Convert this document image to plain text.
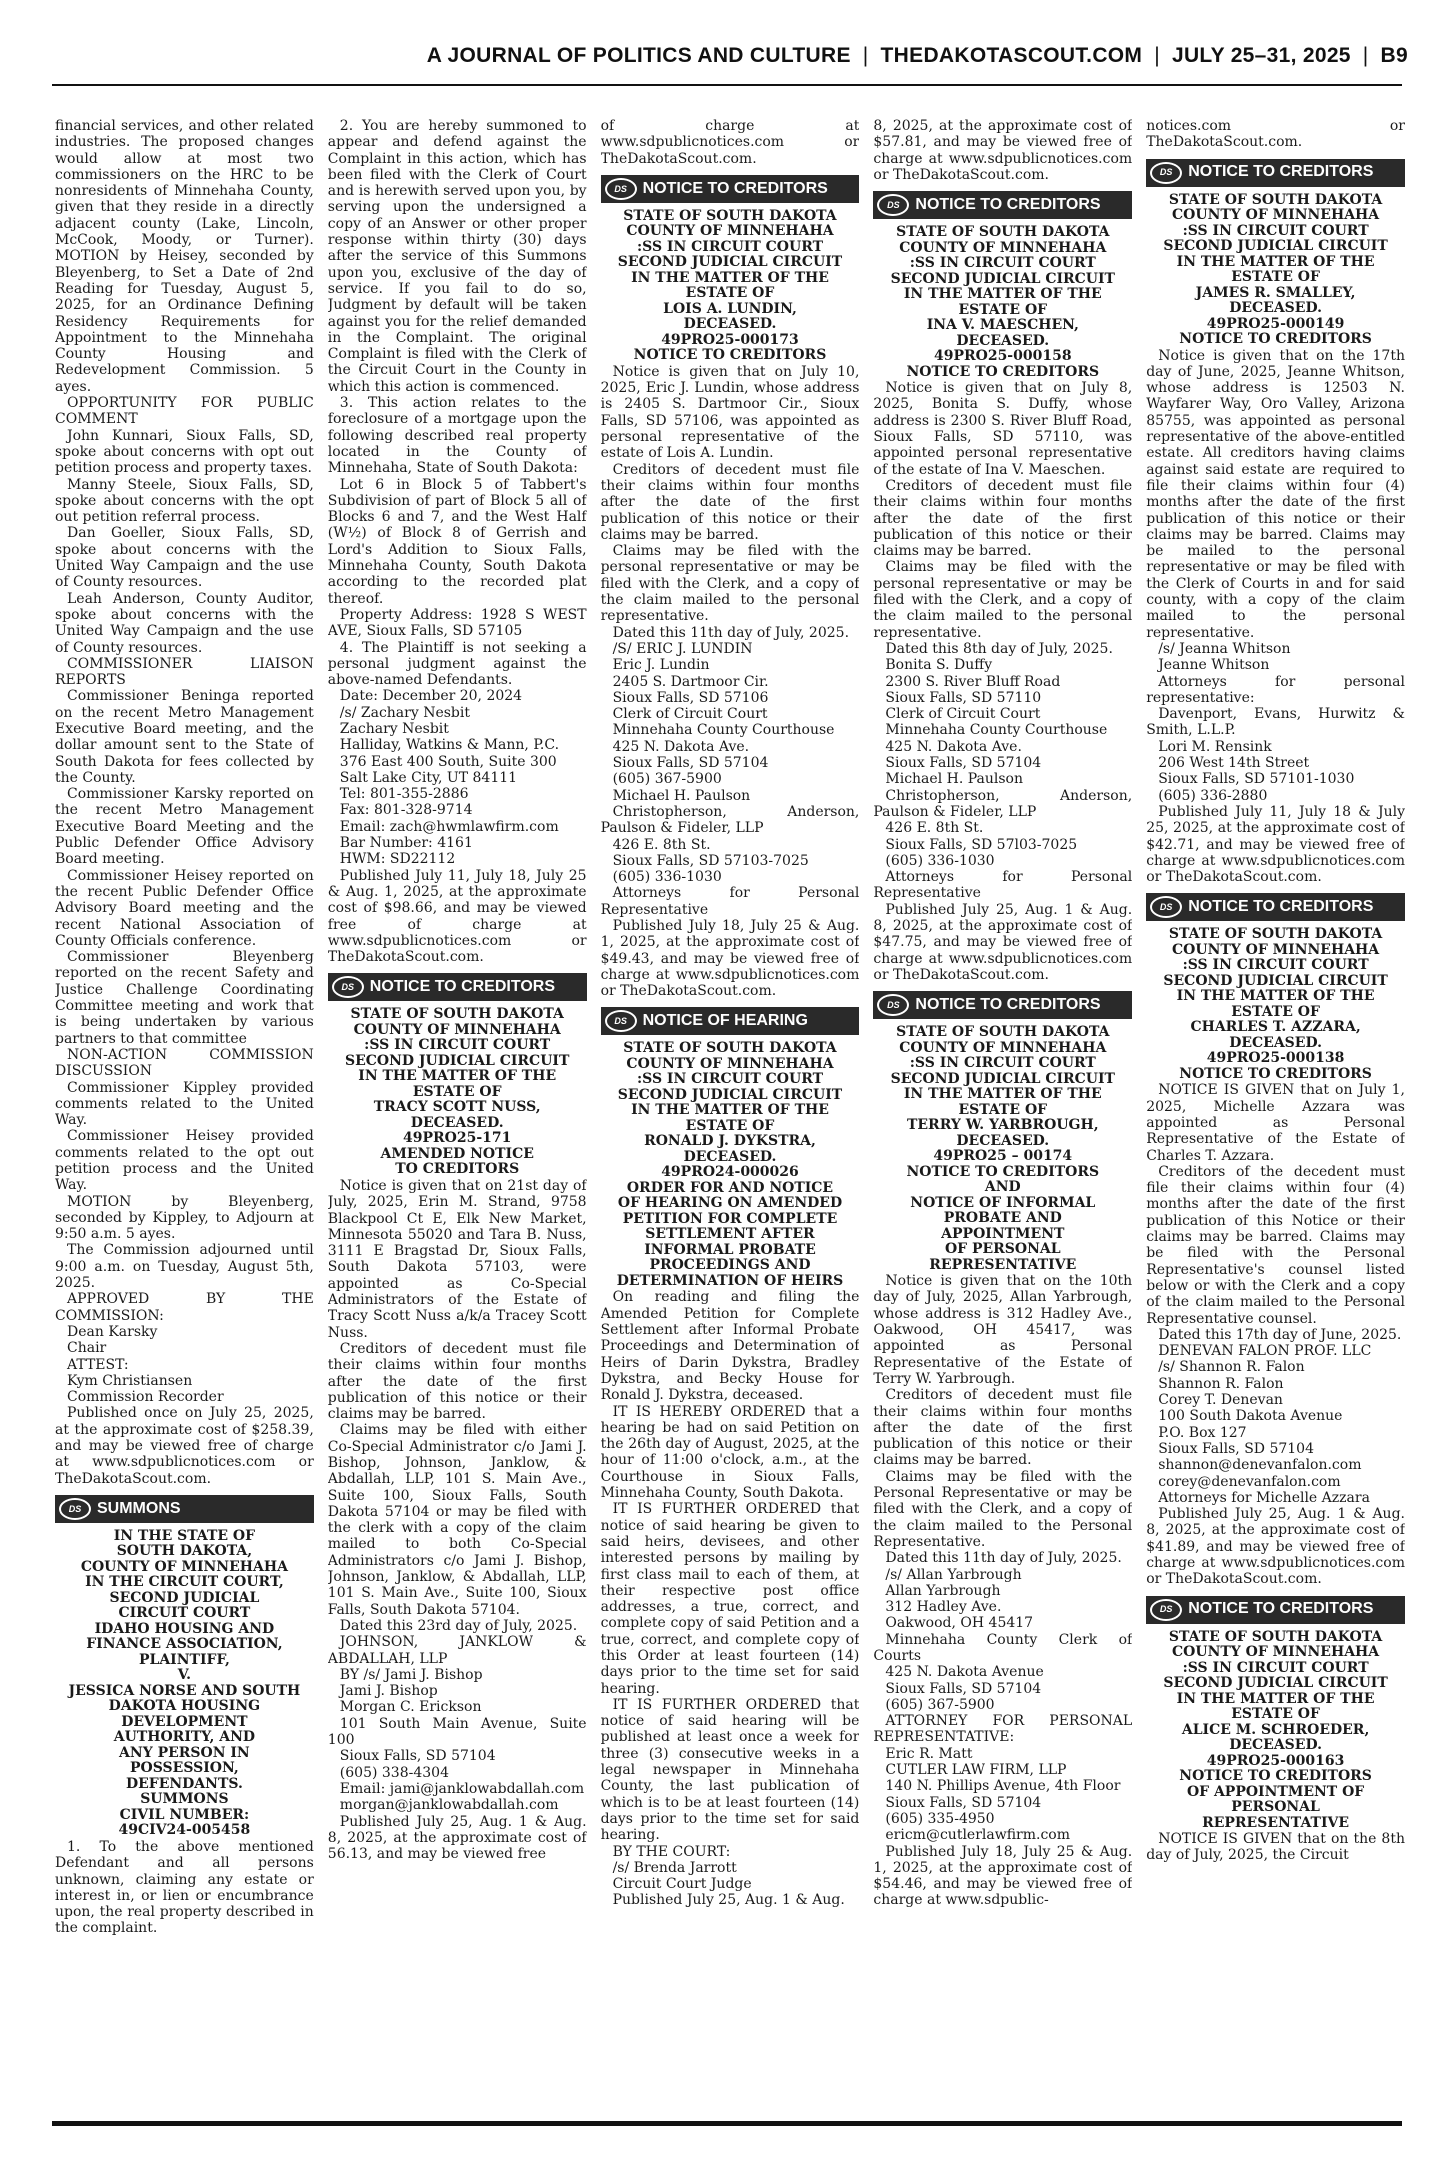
A JOURNAL OF POLITICS AND CULTURE | THEDAKOTASCOUT.COM | JULY 25–31, 2025 | B9

financial services, and other related industries. The proposed changes would allow at most two commissioners on the HRC to be nonresidents of Minnehaha County, given that they reside in a directly adjacent county (Lake, Lincoln, McCook, Moody, or Turner). MOTION by Heisey, seconded by Bleyenberg, to Set a Date of 2nd Reading for Tuesday, August 5, 2025, for an Ordinance Defining Residency Requirements for Appointment to the Minnehaha County Housing and Redevelopment Commission. 5 ayes.

OPPORTUNITY FOR PUBLIC COMMENT

John Kunnari, Sioux Falls, SD, spoke about concerns with opt out petition process and property taxes.

Manny Steele, Sioux Falls, SD, spoke about concerns with the opt out petition referral process.

Dan Goeller, Sioux Falls, SD, spoke about concerns with the United Way Campaign and the use of County resources.

Leah Anderson, County Auditor, spoke about concerns with the United Way Campaign and the use of County resources.

COMMISSIONER LIAISON REPORTS

Commissioner Beninga reported on the recent Metro Management Executive Board meeting, and the dollar amount sent to the State of South Dakota for fees collected by the County.

Commissioner Karsky reported on the recent Metro Management Executive Board Meeting and the Public Defender Office Advisory Board meeting.

Commissioner Heisey reported on the recent Public Defender Office Advisory Board meeting and the recent National Association of County Officials conference.

Commissioner Bleyenberg reported on the recent Safety and Justice Challenge Coordinating Committee meeting and work that is being undertaken by various partners to that committee

NON-ACTION COMMISSION DISCUSSION

Commissioner Kippley provided comments related to the United Way.

Commissioner Heisey provided comments related to the opt out petition process and the United Way.

MOTION by Bleyenberg, seconded by Kippley, to Adjourn at 9:50 a.m. 5 ayes.

The Commission adjourned until 9:00 a.m. on Tuesday, August 5th, 2025.

APPROVED BY THE COMMISSION:

Dean Karsky

Chair

ATTEST:

Kym Christiansen

Commission Recorder

Published once on July 25, 2025, at the approximate cost of $258.39, and may be viewed free of charge at www.sdpublicnotices.com or TheDakotaScout.com.

DS SUMMONS
IN THE STATE OF
SOUTH DAKOTA,
COUNTY OF MINNEHAHA
IN THE CIRCUIT COURT,
SECOND JUDICIAL
CIRCUIT COURT
IDAHO HOUSING AND
FINANCE ASSOCIATION,
PLAINTIFF,
V.
JESSICA NORSE AND SOUTH
DAKOTA HOUSING
DEVELOPMENT
AUTHORITY, AND
ANY PERSON IN
POSSESSION,
DEFENDANTS.
SUMMONS
CIVIL NUMBER:
49CIV24-005458

1. To the above mentioned Defendant and all persons unknown, claiming any estate or interest in, or lien or encumbrance upon, the real property described in the complaint.

2. You are hereby summoned to appear and defend against the Complaint in this action, which has been filed with the Clerk of Court and is herewith served upon you, by serving upon the undersigned a copy of an Answer or other proper response within thirty (30) days after the service of this Summons upon you, exclusive of the day of service. If you fail to do so, Judgment by default will be taken against you for the relief demanded in the Complaint. The original Complaint is filed with the Clerk of the Circuit Court in the County in which this action is commenced.

3. This action relates to the foreclosure of a mortgage upon the following described real property located in the County of Minnehaha, State of South Dakota:

Lot 6 in Block 5 of Tabbert's Subdivision of part of Block 5 all of Blocks 6 and 7, and the West Half (W½) of Block 8 of Gerrish and Lord's Addition to Sioux Falls, Minnehaha County, South Dakota according to the recorded plat thereof.

Property Address: 1928 S WEST AVE, Sioux Falls, SD 57105

4. The Plaintiff is not seeking a personal judgment against the above-named Defendants.

Date: December 20, 2024

/s/ Zachary Nesbit

Zachary Nesbit

Halliday, Watkins & Mann, P.C.

376 East 400 South, Suite 300

Salt Lake City, UT 84111

Tel: 801-355-2886

Fax: 801-328-9714

Email: zach@hwmlawfirm.com

Bar Number: 4161

HWM: SD22112

Published July 11, July 18, July 25 & Aug. 1, 2025, at the approximate cost of $98.66, and may be viewed free of charge at www.sdpublicnotices.com or TheDakotaScout.com.

DS NOTICE TO CREDITORS
STATE OF SOUTH DAKOTA
COUNTY OF MINNEHAHA
:SS IN CIRCUIT COURT
SECOND JUDICIAL CIRCUIT
IN THE MATTER OF THE
ESTATE OF
TRACY SCOTT NUSS,
DECEASED.
49PRO25-171
AMENDED NOTICE
TO CREDITORS

Notice is given that on 21st day of July, 2025, Erin M. Strand, 9758 Blackpool Ct E, Elk New Market, Minnesota 55020 and Tara B. Nuss, 3111 E Bragstad Dr, Sioux Falls, South Dakota 57103, were appointed as Co-Special Administrators of the Estate of Tracy Scott Nuss a/k/a Tracey Scott Nuss.

Creditors of decedent must file their claims within four months after the date of the first publication of this notice or their claims may be barred.

Claims may be filed with either Co-Special Administrator c/o Jami J. Bishop, Johnson, Janklow, & Abdallah, LLP, 101 S. Main Ave., Suite 100, Sioux Falls, South Dakota 57104 or may be filed with the clerk with a copy of the claim mailed to both Co-Special Administrators c/o Jami J. Bishop, Johnson, Janklow, & Abdallah, LLP, 101 S. Main Ave., Suite 100, Sioux Falls, South Dakota 57104.

Dated this 23rd day of July, 2025.

JOHNSON, JANKLOW & ABDALLAH, LLP

BY /s/ Jami J. Bishop

Jami J. Bishop

Morgan C. Erickson

101 South Main Avenue, Suite 100

Sioux Falls, SD 57104

(605) 338-4304

Email: jami@janklowabdallah.com

morgan@janklowabdallah.com

Published July 25, Aug. 1 & Aug. 8, 2025, at the approximate cost of 56.13, and may be viewed free

of charge at www.sdpublicnotices.com or TheDakotaScout.com.

DS NOTICE TO CREDITORS
STATE OF SOUTH DAKOTA
COUNTY OF MINNEHAHA
:SS IN CIRCUIT COURT
SECOND JUDICIAL CIRCUIT
IN THE MATTER OF THE
ESTATE OF
LOIS A. LUNDIN,
DECEASED.
49PRO25-000173
NOTICE TO CREDITORS

Notice is given that on July 10, 2025, Eric J. Lundin, whose address is 2405 S. Dartmoor Cir., Sioux Falls, SD 57106, was appointed as personal representative of the estate of Lois A. Lundin.

Creditors of decedent must file their claims within four months after the date of the first publication of this notice or their claims may be barred.

Claims may be filed with the personal representative or may be filed with the Clerk, and a copy of the claim mailed to the personal representative.

Dated this 11th day of July, 2025.

/S/ ERIC J. LUNDIN

Eric J. Lundin

2405 S. Dartmoor Cir.

Sioux Falls, SD 57106

Clerk of Circuit Court

Minnehaha County Courthouse

425 N. Dakota Ave.

Sioux Falls, SD 57104

(605) 367-5900

Michael H. Paulson

Christopherson, Anderson, Paulson & Fideler, LLP

426 E. 8th St.

Sioux Falls, SD 57103-7025

(605) 336-1030

Attorneys for Personal Representative

Published July 18, July 25 & Aug. 1, 2025, at the approximate cost of $49.43, and may be viewed free of charge at www.sdpublicnotices.com or TheDakotaScout.com.

DS NOTICE OF HEARING
STATE OF SOUTH DAKOTA
COUNTY OF MINNEHAHA
:SS IN CIRCUIT COURT
SECOND JUDICIAL CIRCUIT
IN THE MATTER OF THE
ESTATE OF
RONALD J. DYKSTRA,
DECEASED.
49PRO24-000026
ORDER FOR AND NOTICE
OF HEARING ON AMENDED
PETITION FOR COMPLETE
SETTLEMENT AFTER
INFORMAL PROBATE
PROCEEDINGS AND
DETERMINATION OF HEIRS

On reading and filing the Amended Petition for Complete Settlement after Informal Probate Proceedings and Determination of Heirs of Darin Dykstra, Bradley Dykstra, and Becky House for Ronald J. Dykstra, deceased.

IT IS HEREBY ORDERED that a hearing be had on said Petition on the 26th day of August, 2025, at the hour of 11:00 o'clock, a.m., at the Courthouse in Sioux Falls, Minnehaha County, South Dakota.

IT IS FURTHER ORDERED that notice of said hearing be given to said heirs, devisees, and other interested persons by mailing by first class mail to each of them, at their respective post office addresses, a true, correct, and complete copy of said Petition and a true, correct, and complete copy of this Order at least fourteen (14) days prior to the time set for said hearing.

IT IS FURTHER ORDERED that notice of said hearing will be published at least once a week for three (3) consecutive weeks in a legal newspaper in Minnehaha County, the last publication of which is to be at least fourteen (14) days prior to the time set for said hearing.

BY THE COURT:

/s/ Brenda Jarrott

Circuit Court Judge

Published July 25, Aug. 1 & Aug.

8, 2025, at the approximate cost of $57.81, and may be viewed free of charge at www.sdpublicnotices.com or TheDakotaScout.com.

DS NOTICE TO CREDITORS
STATE OF SOUTH DAKOTA
COUNTY OF MINNEHAHA
:SS IN CIRCUIT COURT
SECOND JUDICIAL CIRCUIT
IN THE MATTER OF THE
ESTATE OF
INA V. MAESCHEN,
DECEASED.
49PRO25-000158
NOTICE TO CREDITORS

Notice is given that on July 8, 2025, Bonita S. Duffy, whose address is 2300 S. River Bluff Road, Sioux Falls, SD 57110, was appointed personal representative of the estate of Ina V. Maeschen.

Creditors of decedent must file their claims within four months after the date of the first publication of this notice or their claims may be barred.

Claims may be filed with the personal representative or may be filed with the Clerk, and a copy of the claim mailed to the personal representative.

Dated this 8th day of July, 2025.

Bonita S. Duffy

2300 S. River Bluff Road

Sioux Falls, SD 57110

Clerk of Circuit Court

Minnehaha County Courthouse

425 N. Dakota Ave.

Sioux Falls, SD 57104

Michael H. Paulson

Christopherson, Anderson, Paulson & Fideler, LLP

426 E. 8th St.

Sioux Falls, SD 57l03-7025

(605) 336-1030

Attorneys for Personal Representative

Published July 25, Aug. 1 & Aug. 8, 2025, at the approximate cost of $47.75, and may be viewed free of charge at www.sdpublicnotices.com or TheDakotaScout.com.

DS NOTICE TO CREDITORS
STATE OF SOUTH DAKOTA
COUNTY OF MINNEHAHA
:SS IN CIRCUIT COURT
SECOND JUDICIAL CIRCUIT
IN THE MATTER OF THE
ESTATE OF
TERRY W. YARBROUGH,
DECEASED.
49PRO25 – 00174
NOTICE TO CREDITORS
AND
NOTICE OF INFORMAL
PROBATE AND
APPOINTMENT
OF PERSONAL
REPRESENTATIVE

Notice is given that on the 10th day of July, 2025, Allan Yarbrough, whose address is 312 Hadley Ave., Oakwood, OH 45417, was appointed as Personal Representative of the Estate of Terry W. Yarbrough.

Creditors of decedent must file their claims within four months after the date of the first publication of this notice or their claims may be barred.

Claims may be filed with the Personal Representative or may be filed with the Clerk, and a copy of the claim mailed to the Personal Representative.

Dated this 11th day of July, 2025.

/s/ Allan Yarbrough

Allan Yarbrough

312 Hadley Ave.

Oakwood, OH 45417

Minnehaha County Clerk of Courts

425 N. Dakota Avenue

Sioux Falls, SD 57104

(605) 367-5900

ATTORNEY FOR PERSONAL REPRESENTATIVE:

Eric R. Matt

CUTLER LAW FIRM, LLP

140 N. Phillips Avenue, 4th Floor

Sioux Falls, SD 57104

(605) 335-4950

ericm@cutlerlawfirm.com

Published July 18, July 25 & Aug. 1, 2025, at the approximate cost of $54.46, and may be viewed free of charge at www.sdpublic-

notices.com or TheDakotaScout.com.

DS NOTICE TO CREDITORS
STATE OF SOUTH DAKOTA
COUNTY OF MINNEHAHA
:SS IN CIRCUIT COURT
SECOND JUDICIAL CIRCUIT
IN THE MATTER OF THE
ESTATE OF
JAMES R. SMALLEY,
DECEASED.
49PRO25-000149
NOTICE TO CREDITORS

Notice is given that on the 17th day of June, 2025, Jeanne Whitson, whose address is 12503 N. Wayfarer Way, Oro Valley, Arizona 85755, was appointed as personal representative of the above-entitled estate. All creditors having claims against said estate are required to file their claims within four (4) months after the date of the first publication of this notice or their claims may be barred. Claims may be mailed to the personal representative or may be filed with the Clerk of Courts in and for said county, with a copy of the claim mailed to the personal representative.

/s/ Jeanna Whitson

Jeanne Whitson

Attorneys for personal representative:

Davenport, Evans, Hurwitz & Smith, L.L.P.

Lori M. Rensink

206 West 14th Street

Sioux Falls, SD 57101-1030

(605) 336-2880

Published July 11, July 18 & July 25, 2025, at the approximate cost of $42.71, and may be viewed free of charge at www.sdpublicnotices.com or TheDakotaScout.com.

DS NOTICE TO CREDITORS
STATE OF SOUTH DAKOTA
COUNTY OF MINNEHAHA
:SS IN CIRCUIT COURT
SECOND JUDICIAL CIRCUIT
IN THE MATTER OF THE
ESTATE OF
CHARLES T. AZZARA,
DECEASED.
49PRO25-000138
NOTICE TO CREDITORS

NOTICE IS GIVEN that on July 1, 2025, Michelle Azzara was appointed as Personal Representative of the Estate of Charles T. Azzara.

Creditors of the decedent must file their claims within four (4) months after the date of the first publication of this Notice or their claims may be barred. Claims may be filed with the Personal Representative's counsel listed below or with the Clerk and a copy of the claim mailed to the Personal Representative counsel.

Dated this 17th day of June, 2025.

DENEVAN FALON PROF. LLC

/s/ Shannon R. Falon

Shannon R. Falon

Corey T. Denevan

100 South Dakota Avenue

P.O. Box 127

Sioux Falls, SD 57104

shannon@denevanfalon.com

corey@denevanfalon.com

Attorneys for Michelle Azzara

Published July 25, Aug. 1 & Aug. 8, 2025, at the approximate cost of $41.89, and may be viewed free of charge at www.sdpublicnotices.com or TheDakotaScout.com.

DS NOTICE TO CREDITORS
STATE OF SOUTH DAKOTA
COUNTY OF MINNEHAHA
:SS IN CIRCUIT COURT
SECOND JUDICIAL CIRCUIT
IN THE MATTER OF THE
ESTATE OF
ALICE M. SCHROEDER,
DECEASED.
49PRO25-000163
NOTICE TO CREDITORS
OF APPOINTMENT OF
PERSONAL
REPRESENTATIVE

NOTICE IS GIVEN that on the 8th day of July, 2025, the Circuit
